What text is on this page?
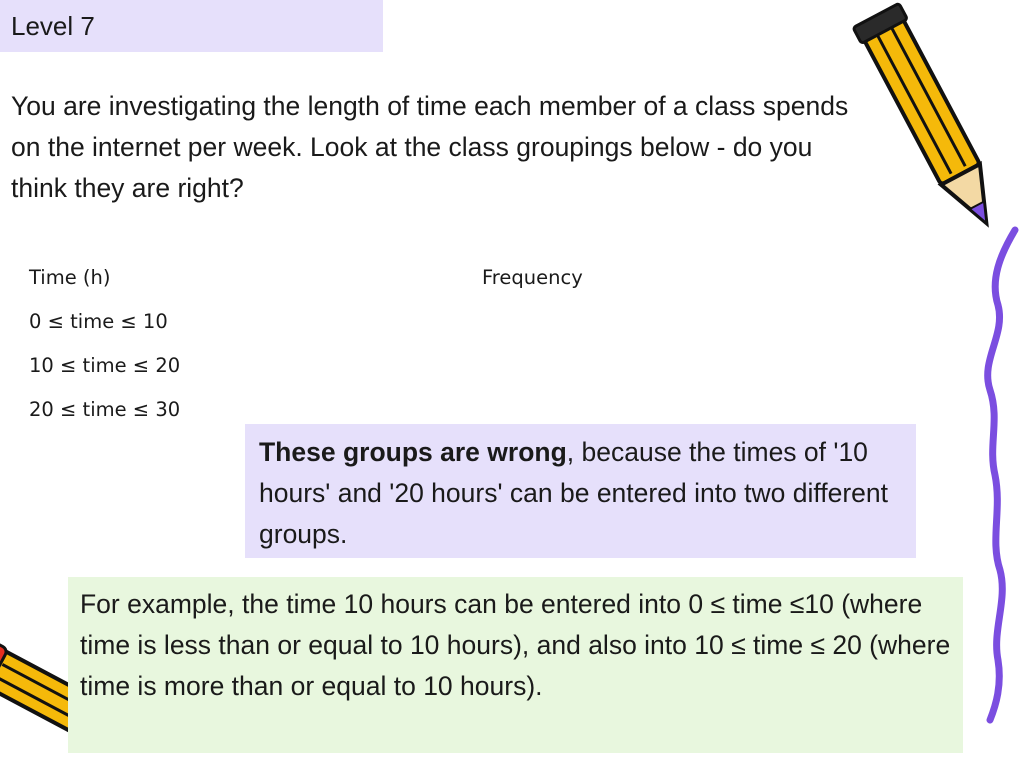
Level 7
You are investigating the length of time each member of a class spends on the internet per week. Look at the class groupings below - do you think they are right?
Time (h)	Frequency
0 ≤ time ≤ 10
10 ≤ time ≤ 20
20 ≤ time ≤ 30
These groups are wrong, because the times of '10 hours' and '20 hours' can be entered into two different groups.
For example, the time 10 hours can be entered into 0 ≤ time ≤10 (where time is less than or equal to 10 hours), and also into 10 ≤ time ≤ 20 (where time is more than or equal to 10 hours).
